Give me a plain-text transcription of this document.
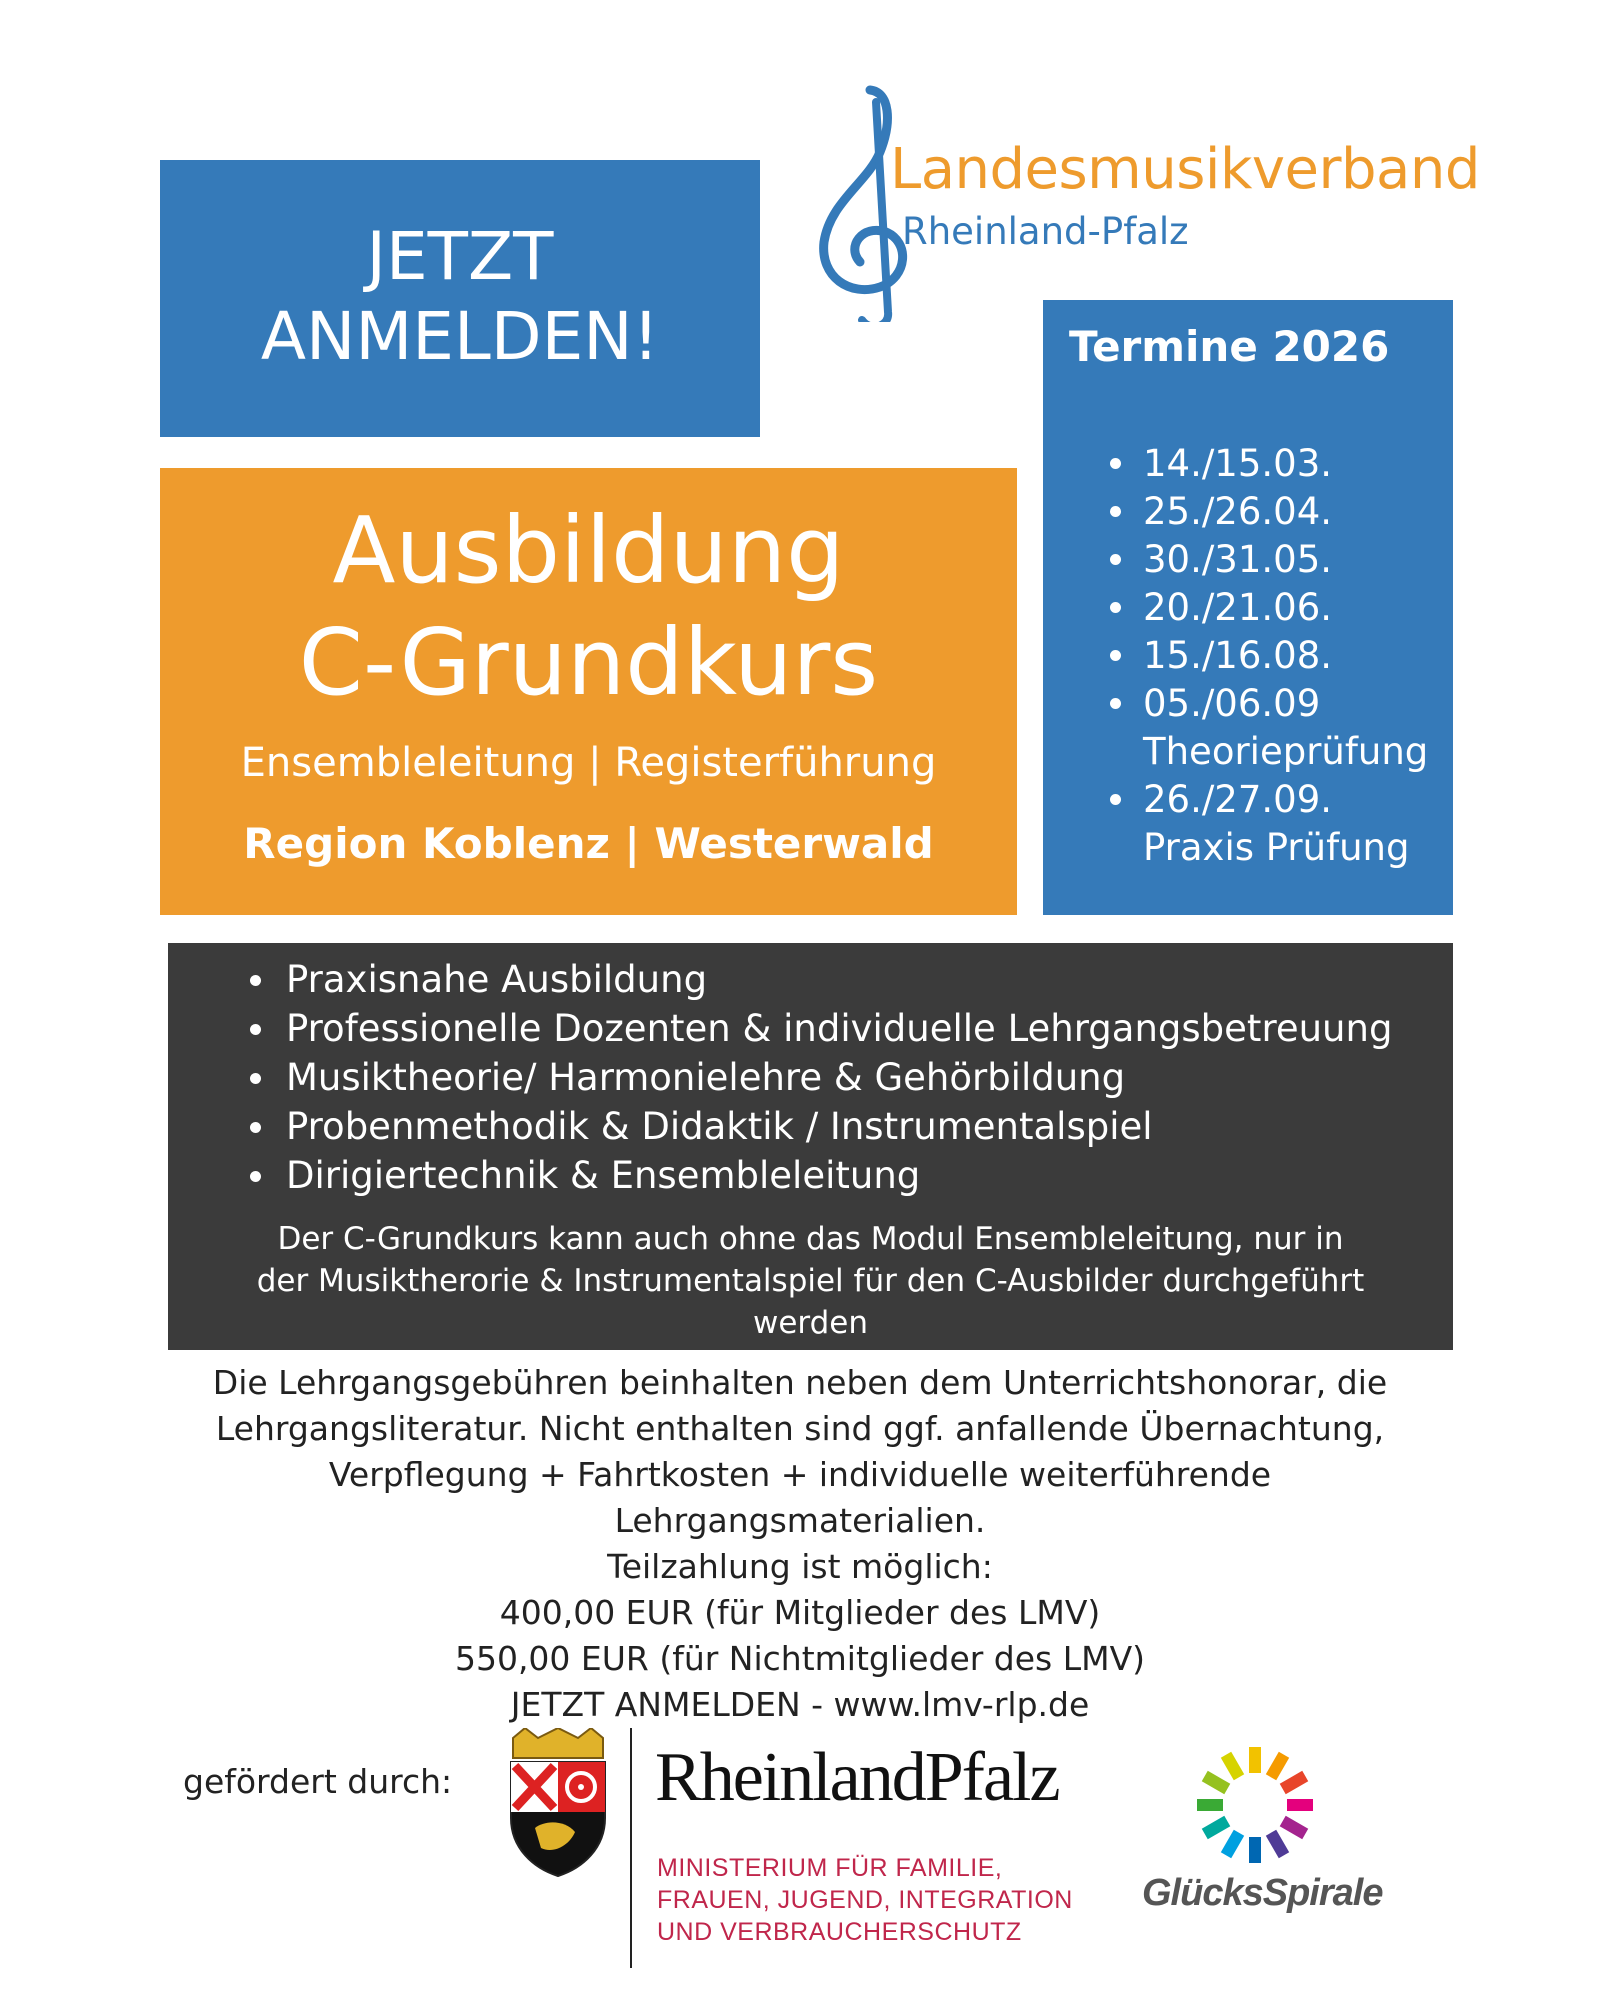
Landesmusikverband
Rheinland-Pfalz
JETZT
ANMELDEN!
Ausbildung
C-Grundkurs
Ensembleleitung | Registerführung
Region Koblenz | Westerwald
Termine 2026
14./15.03.
25./26.04.
30./31.05.
20./21.06.
15./16.08.
05./06.09
Theorieprüfung
26./27.09.
Praxis Prüfung
Praxisnahe Ausbildung
Professionelle Dozenten & individuelle Lehrgangsbetreuung
Musiktheorie/ Harmonielehre & Gehörbildung
Probenmethodik & Didaktik / Instrumentalspiel
Dirigiertechnik & Ensembleleitung
Der C-Grundkurs kann auch ohne das Modul Ensembleleitung, nur in
der Musiktherorie & Instrumentalspiel für den C-Ausbilder durchgeführt
werden
Die Lehrgangsgebühren beinhalten neben dem Unterrichtshonorar, die
Lehrgangsliteratur. Nicht enthalten sind ggf. anfallende Übernachtung,
Verpflegung + Fahrtkosten + individuelle weiterführende
Lehrgangsmaterialien.
Teilzahlung ist möglich:
400,00 EUR (für Mitglieder des LMV)
550,00 EUR (für Nichtmitglieder des LMV)
JETZT ANMELDEN - www.lmv-rlp.de
gefördert durch:	RheinlandPfalz
MINISTERIUM FÜR FAMILIE,
FRAUEN, JUGEND, INTEGRATION
UND VERBRAUCHERSCHUTZ
GlücksSpirale
